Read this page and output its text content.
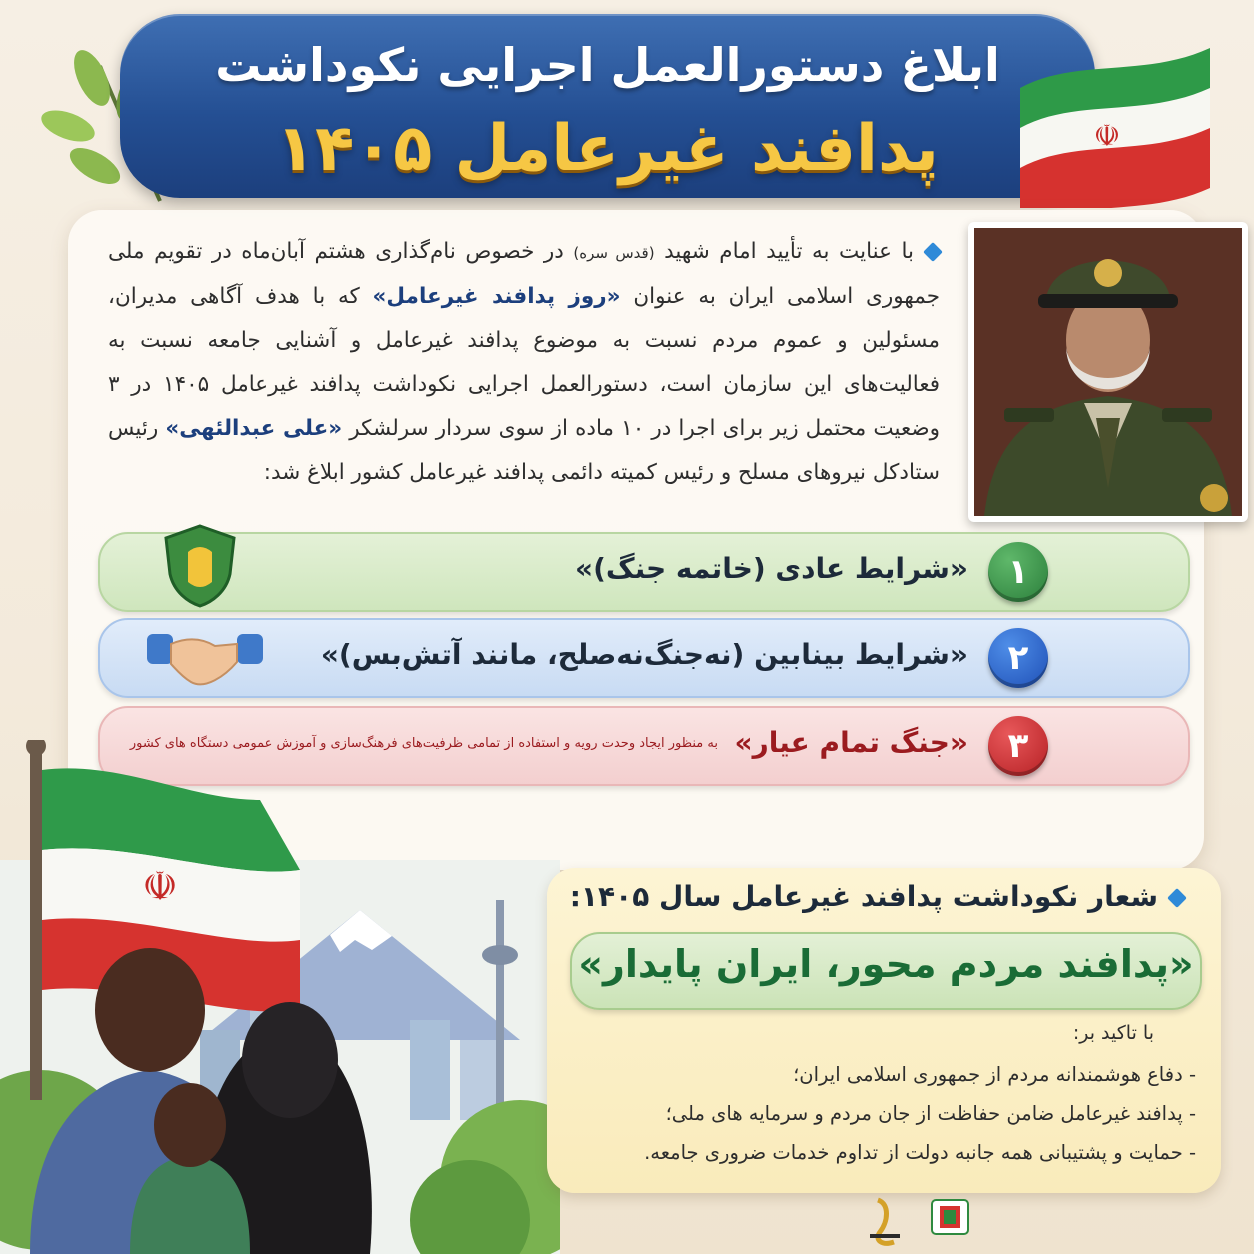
ابلاغ دستورالعمل اجرایی نکوداشت
پدافند غیرعامل ۱۴۰۵	☫
با عنایت به تأیید امام شهید (قدس سره) در خصوص نام‌گذاری هشتم آبان‌ماه در تقویم ملی جمهوری اسلامی ایران به عنوان «روز پدافند غیرعامل» که با هدف آگاهی مدیران، مسئولین و عموم مردم نسبت به موضوع پدافند غیرعامل و آشنایی جامعه نسبت به فعالیت‌های این سازمان است، دستورالعمل اجرایی نکوداشت پدافند غیرعامل ۱۴۰۵ در ۳ وضعیت محتمل زیر برای اجرا در ۱۰ ماده از سوی سردار سرلشکر «علی عبدالئهی» رئیس ستادکل نیروهای مسلح و رئیس کمیته دائمی پدافند غیرعامل کشور ابلاغ شد:
۱
«شرایط عادی (خاتمه جنگ)»
۲
«شرایط بینابین (نه‌جنگ‌نه‌صلح، مانند آتش‌بس)»
۳
«جنگ تمام عیار»
به منظور ایجاد وحدت رویه و استفاده از تمامی ظرفیت‌های فرهنگ‌سازی و آموزش عمومی دستگاه های کشور
☫	شعار نکوداشت پدافند غیرعامل سال ۱۴۰۵:
«پدافند مردم محور، ایران پایدار»
با تاکید بر:
- دفاع هوشمندانه مردم از جمهوری اسلامی ایران؛
- پدافند غیرعامل ضامن حفاظت از جان مردم و سرمایه های ملی؛
- حمایت و پشتیبانی همه جانبه دولت از تداوم خدمات ضروری جامعه.
